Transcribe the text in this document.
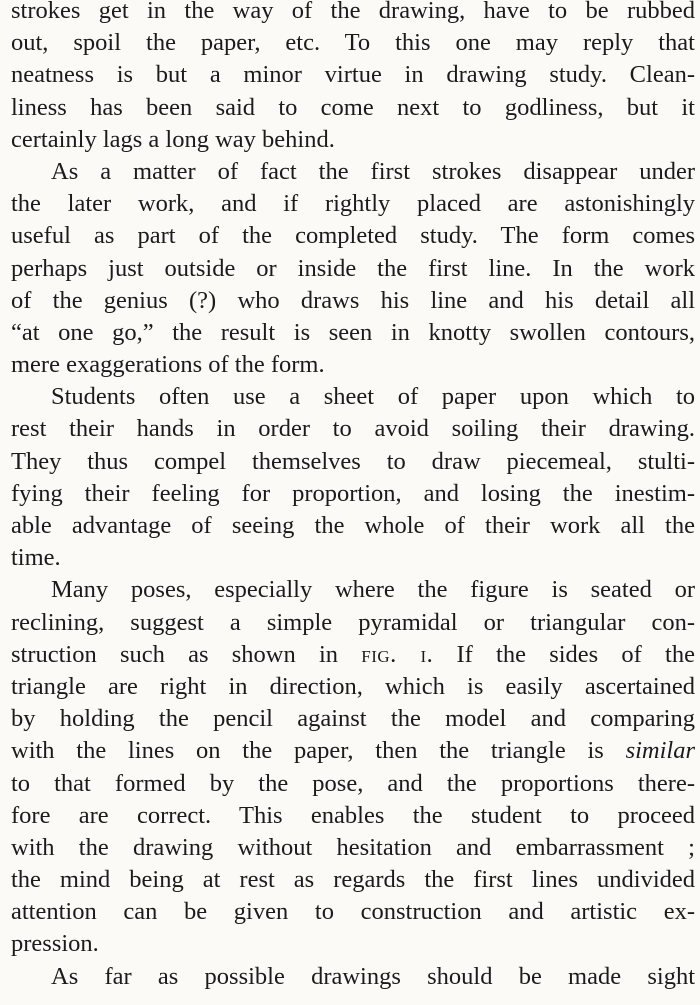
strokes get in the way of the drawing, have to be rubbed
out, spoil the paper, etc. To this one may reply that
neatness is but a minor virtue in drawing study. Clean-
liness has been said to come next to godliness, but it
certainly lags a long way behind.
As a matter of fact the first strokes disappear under
the later work, and if rightly placed are astonishingly
useful as part of the completed study. The form comes
perhaps just outside or inside the first line. In the work
of the genius (?) who draws his line and his detail all
“at one go,” the result is seen in knotty swollen contours,
mere exaggerations of the form.
Students often use a sheet of paper upon which to
rest their hands in order to avoid soiling their drawing.
They thus compel themselves to draw piecemeal, stulti-
fying their feeling for proportion, and losing the inestim-
able advantage of seeing the whole of their work all the
time.
Many poses, especially where the figure is seated or
reclining, suggest a simple pyramidal or triangular con-
struction such as shown in fig. i. If the sides of the
triangle are right in direction, which is easily ascertained
by holding the pencil against the model and comparing
with the lines on the paper, then the triangle is similar
to that formed by the pose, and the proportions there-
fore are correct. This enables the student to proceed
with the drawing without hesitation and embarrassment ;
the mind being at rest as regards the first lines undivided
attention can be given to construction and artistic ex-
pression.
As far as possible drawings should be made sight
